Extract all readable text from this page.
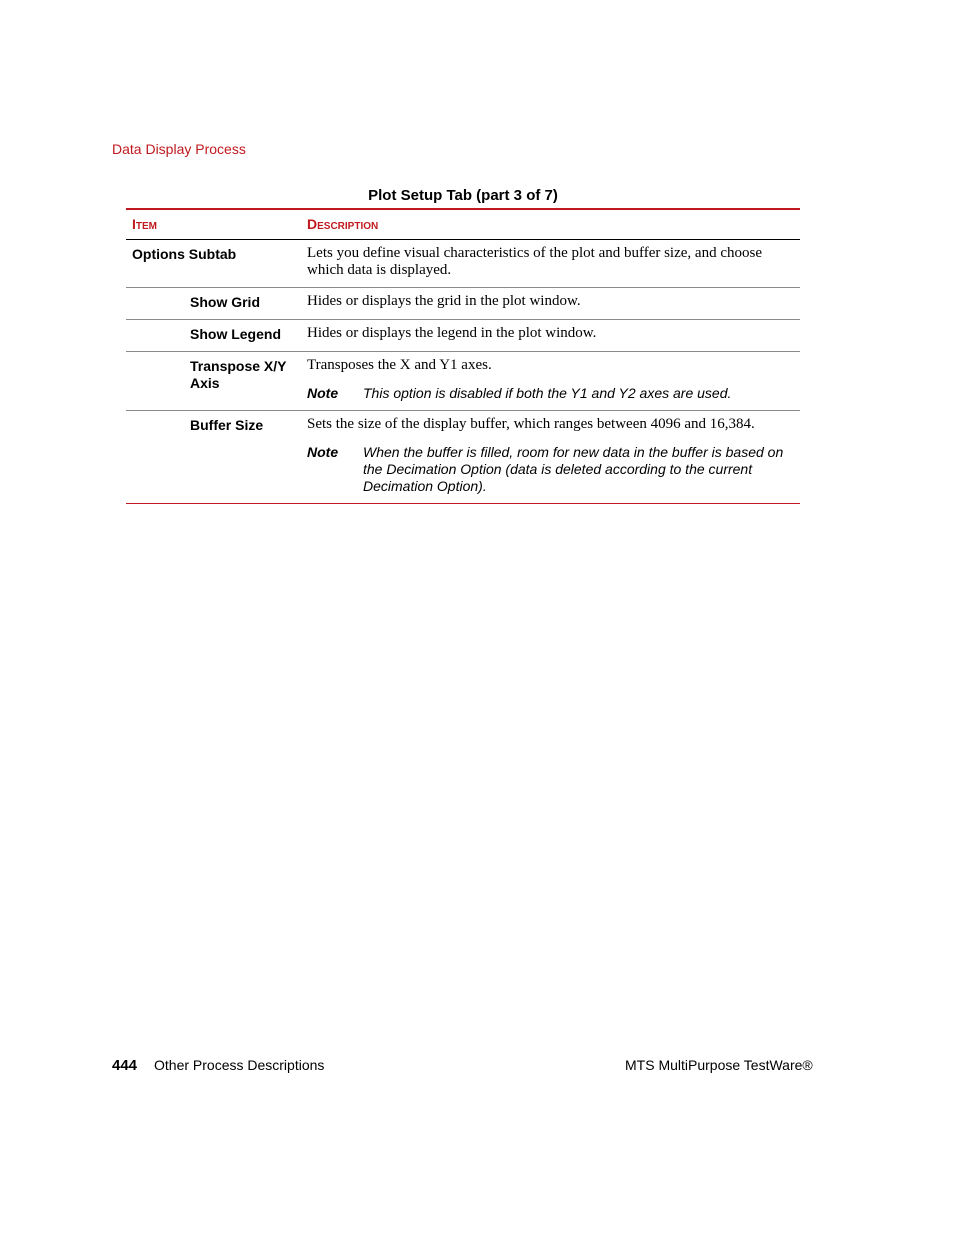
Data Display Process
Plot Setup Tab (part 3 of 7)
Item	Description
Options Subtab	Lets you define visual characteristics of the plot and buffer size, and choose which data is displayed.

Show Grid	Hides or displays the grid in the plot window.

Show Legend	Hides or displays the legend in the plot window.

Transpose X/Y Axis	Transposes the X and Y1 axes.

Note This option is disabled if both the Y1 and Y2 axes are used.

Buffer Size	Sets the size of the display buffer, which ranges between 4096 and 16,384.

Note When the buffer is filled, room for new data in the buffer is based on the Decimation Option (data is deleted according to the current Decimation Option).
444 Other Process Descriptions	MTS MultiPurpose TestWare®
